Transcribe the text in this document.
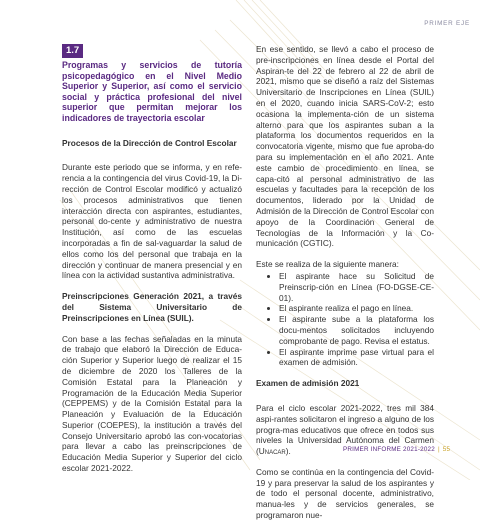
PRIMER EJE
1.7
Programas y servicios de tutoría psicopedagógico en el Nivel Medio Superior y Superior, así como el servicio social y práctica profesional del nivel superior que permitan mejorar los indicadores de trayectoria escolar
Procesos de la Dirección de Control Escolar

Durante este periodo que se informa, y en refe-rencia a la contingencia del virus Covid-19, la Di-rección de Control Escolar modificó y actualizó los procesos administrativos que tienen interacción directa con aspirantes, estudiantes, personal do-cente y administrativo de nuestra Institución, así como de las escuelas incorporadas a fin de sal-vaguardar la salud de ellos como los del personal que trabaja en la dirección y continuar de manera presencial y en línea con la actividad sustantiva administrativa.

Preinscripciones Generación 2021, a través del Sistema Universitario de Preinscripciones en Línea (SUIL).

Con base a las fechas señaladas en la minuta de trabajo que elaboró la Dirección de Educa-ción Superior y Superior luego de realizar el 15 de diciembre de 2020 los Talleres de la Comisión Estatal para la Planeación y Programación de la Educación Media Superior (CEPPEMS) y de la Comisión Estatal para la Planeación y Evaluación de la Educación Superior (COEPES), la institución a través del Consejo Universitario aprobó las con-vocatorias para llevar a cabo las preinscripciones de Educación Media Superior y Superior del ciclo escolar 2021-2022.

En ese sentido, se llevó a cabo el proceso de pre-inscripciones en línea desde el Portal del Aspiran-te del 22 de febrero al 22 de abril de 2021, mismo que se diseñó a raíz del Sistemas Universitario de Inscripciones en Línea (SUIL) en el 2020, cuando inicia SARS-CoV-2; esto ocasiona la implementa-ción de un sistema alterno para que los aspirantes suban a la plataforma los documentos requeridos en la convocatoria vigente, mismo que fue aproba-do para su implementación en el año 2021. Ante este cambio de procedimiento en línea, se capa-citó al personal administrativo de las escuelas y facultades para la recepción de los documentos, liderado por la Unidad de Admisión de la Dirección de Control Escolar con apoyo de la Coordinación General de Tecnologías de la Información y la Co-municación (CGTIC).

Este se realiza de la siguiente manera:

• El aspirante hace su Solicitud de Preinscrip-ción en Línea (FO-DGSE-CE-01).
• El aspirante realiza el pago en línea.
• El aspirante sube a la plataforma los docu-mentos solicitados incluyendo comprobante de pago. Revisa el estatus.
• El aspirante imprime pase virtual para el examen de admisión.
Examen de admisión 2021

Para el ciclo escolar 2021-2022, tres mil 384 aspi-rantes solicitaron el ingreso a alguno de los progra-mas educativos que ofrece en todos sus niveles la Universidad Autónoma del Carmen (Unacar).

Como se continúa en la contingencia del Covid-19 y para preservar la salud de los aspirantes y de todo el personal docente, administrativo, manua-les y de servicios generales, se programaron nue-

PRIMER INFORME 2021-2022 | 55
